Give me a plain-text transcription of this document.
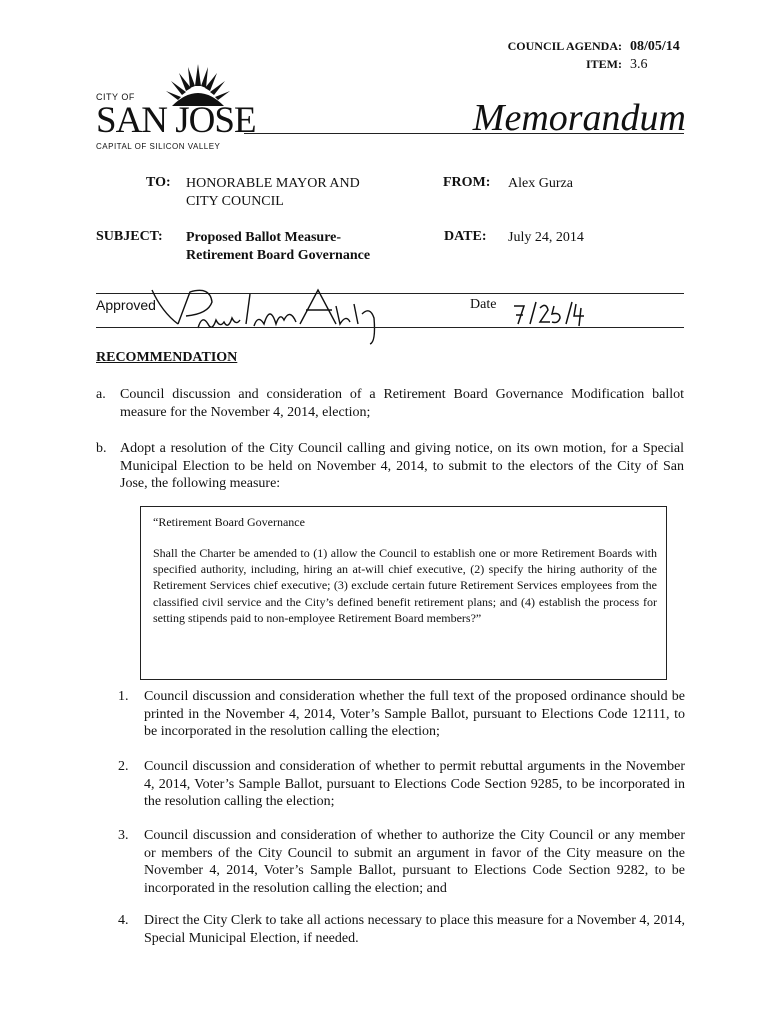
COUNCIL AGENDA: 08/05/14
ITEM: 3.6
CITY OF
SAN JOSE
CAPITAL OF SILICON VALLEY
Memorandum
TO: HONORABLE MAYOR AND
CITY COUNCIL
FROM: Alex Gurza
SUBJECT: Proposed Ballot Measure-
Retirement Board Governance
DATE: July 24, 2014
Approved	Date
RECOMMENDATION
a. Council discussion and consideration of a Retirement Board Governance Modification ballot measure for the November 4, 2014, election;
b. Adopt a resolution of the City Council calling and giving notice, on its own motion, for a Special Municipal Election to be held on November 4, 2014, to submit to the electors of the City of San Jose, the following measure:
“Retirement Board Governance
Shall the Charter be amended to (1) allow the Council to establish one or more Retirement Boards with specified authority, including, hiring an at-will chief executive, (2) specify the hiring authority of the Retirement Services chief executive; (3) exclude certain future Retirement Services employees from the classified civil service and the City’s defined benefit retirement plans; and (4) establish the process for setting stipends paid to non-employee Retirement Board members?”
1. Council discussion and consideration whether the full text of the proposed ordinance should be printed in the November 4, 2014, Voter’s Sample Ballot, pursuant to Elections Code 12111, to be incorporated in the resolution calling the election;
2. Council discussion and consideration of whether to permit rebuttal arguments in the November 4, 2014, Voter’s Sample Ballot, pursuant to Elections Code Section 9285, to be incorporated in the resolution calling the election;
3. Council discussion and consideration of whether to authorize the City Council or any member or members of the City Council to submit an argument in favor of the City measure on the November 4, 2014, Voter’s Sample Ballot, pursuant to Elections Code Section 9282, to be incorporated in the resolution calling the election; and
4. Direct the City Clerk to take all actions necessary to place this measure for a November 4, 2014, Special Municipal Election, if needed.
